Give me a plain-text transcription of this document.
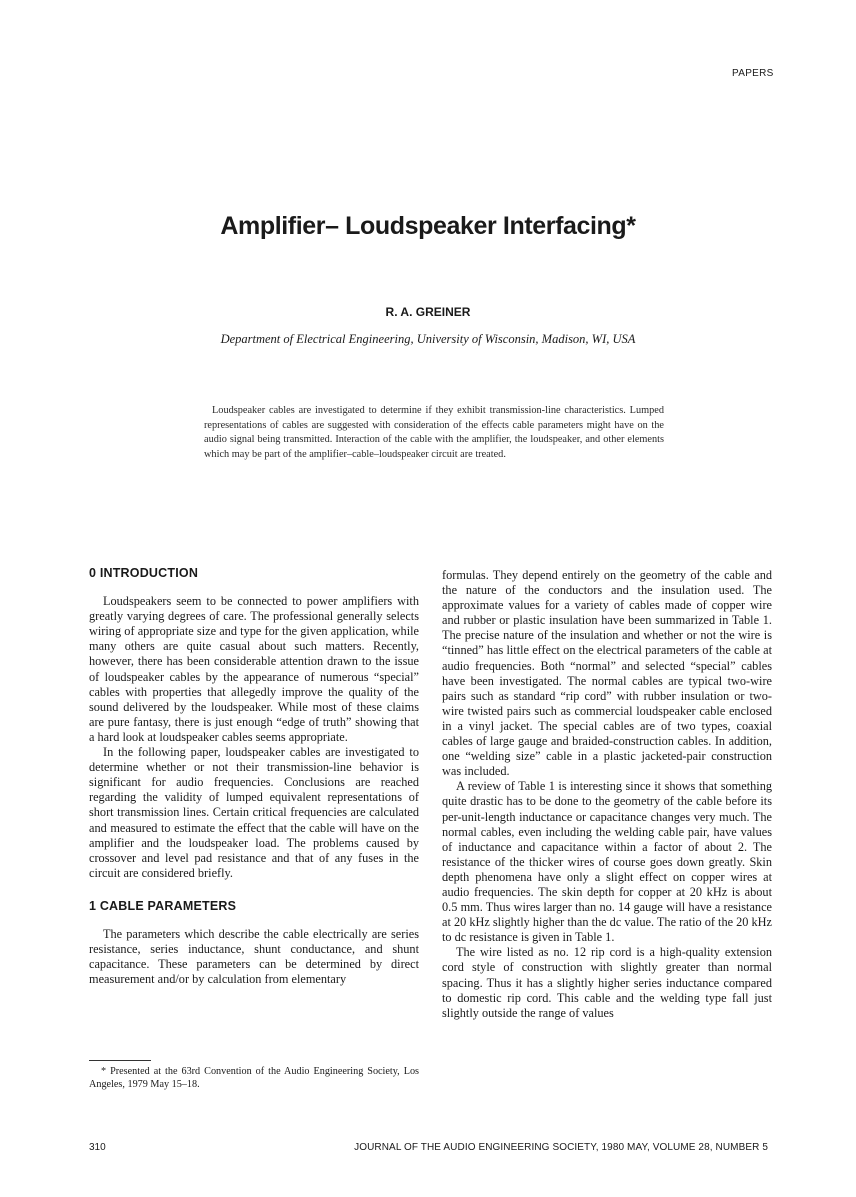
PAPERS
Amplifier– Loudspeaker Interfacing*
R. A. GREINER
Department of Electrical Engineering, University of Wisconsin, Madison, WI, USA
Loudspeaker cables are investigated to determine if they exhibit transmission-line characteristics. Lumped representations of cables are suggested with consideration of the effects cable parameters might have on the audio signal being transmitted. Interaction of the cable with the amplifier, the loudspeaker, and other elements which may be part of the amplifier–cable–loudspeaker circuit are treated.
0 INTRODUCTION

Loudspeakers seem to be connected to power amplifiers with greatly varying degrees of care. The professional generally selects wiring of appropriate size and type for the given application, while many others are quite casual about such matters. Recently, however, there has been considerable attention drawn to the issue of loudspeaker cables by the appearance of numerous “special” cables with properties that allegedly improve the quality of the sound delivered by the loudspeaker. While most of these claims are pure fantasy, there is just enough “edge of truth” showing that a hard look at loudspeaker cables seems appropriate.

In the following paper, loudspeaker cables are investigated to determine whether or not their transmission-line behavior is significant for audio frequencies. Conclusions are reached regarding the validity of lumped equivalent representations of short transmission lines. Certain critical frequencies are calculated and measured to estimate the effect that the cable will have on the amplifier and the loudspeaker load. The problems caused by crossover and level pad resistance and that of any fuses in the circuit are considered briefly.

1 CABLE PARAMETERS

The parameters which describe the cable electrically are series resistance, series inductance, shunt conductance, and shunt capacitance. These parameters can be determined by direct measurement and/or by calculation from elementary

formulas. They depend entirely on the geometry of the cable and the nature of the conductors and the insulation used. The approximate values for a variety of cables made of copper wire and rubber or plastic insulation have been summarized in Table 1. The precise nature of the insulation and whether or not the wire is “tinned” has little effect on the electrical parameters of the cable at audio frequencies. Both “normal” and selected “special” cables have been investigated. The normal cables are typical two-wire pairs such as standard “rip cord” with rubber insulation or two-wire twisted pairs such as commercial loudspeaker cable enclosed in a vinyl jacket. The special cables are of two types, coaxial cables of large gauge and braided-construction cables. In addition, one “welding size” cable in a plastic jacketed-pair construction was included.

A review of Table 1 is interesting since it shows that something quite drastic has to be done to the geometry of the cable before its per-unit-length inductance or capacitance changes very much. The normal cables, even including the welding cable pair, have values of inductance and capacitance within a factor of about 2. The resistance of the thicker wires of course goes down greatly. Skin depth phenomena have only a slight effect on copper wires at audio frequencies. The skin depth for copper at 20 kHz is about 0.5 mm. Thus wires larger than no. 14 gauge will have a resistance at 20 kHz slightly higher than the dc value. The ratio of the 20 kHz to dc resistance is given in Table 1.

The wire listed as no. 12 rip cord is a high-quality extension cord style of construction with slightly greater than normal spacing. Thus it has a slightly higher series inductance compared to domestic rip cord. This cable and the welding type fall just slightly outside the range of values

* Presented at the 63rd Convention of the Audio Engineering Society, Los Angeles, 1979 May 15–18.
310	JOURNAL OF THE AUDIO ENGINEERING SOCIETY, 1980 MAY, VOLUME 28, NUMBER 5
